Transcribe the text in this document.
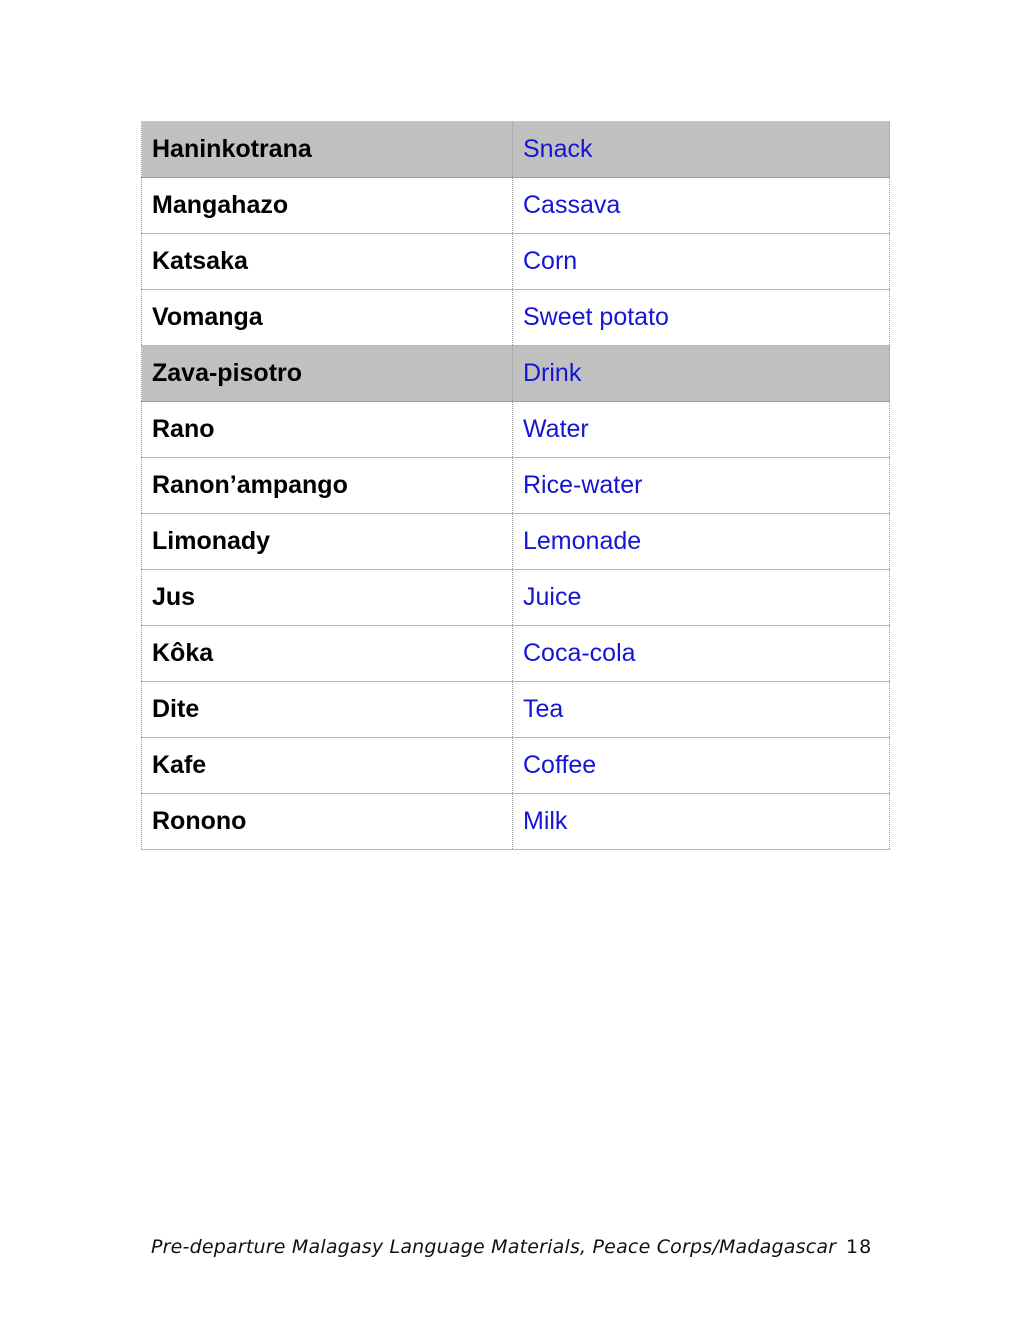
Haninkotrana	Snack
Mangahazo	Cassava
Katsaka	Corn
Vomanga	Sweet potato
Zava-pisotro	Drink
Rano	Water
Ranon’ampango	Rice-water
Limonady	Lemonade
Jus	Juice
Kôka	Coca-cola
Dite	Tea
Kafe	Coffee
Ronono	Milk
Pre-departure Malagasy Language Materials, Peace Corps/Madagascar 18
